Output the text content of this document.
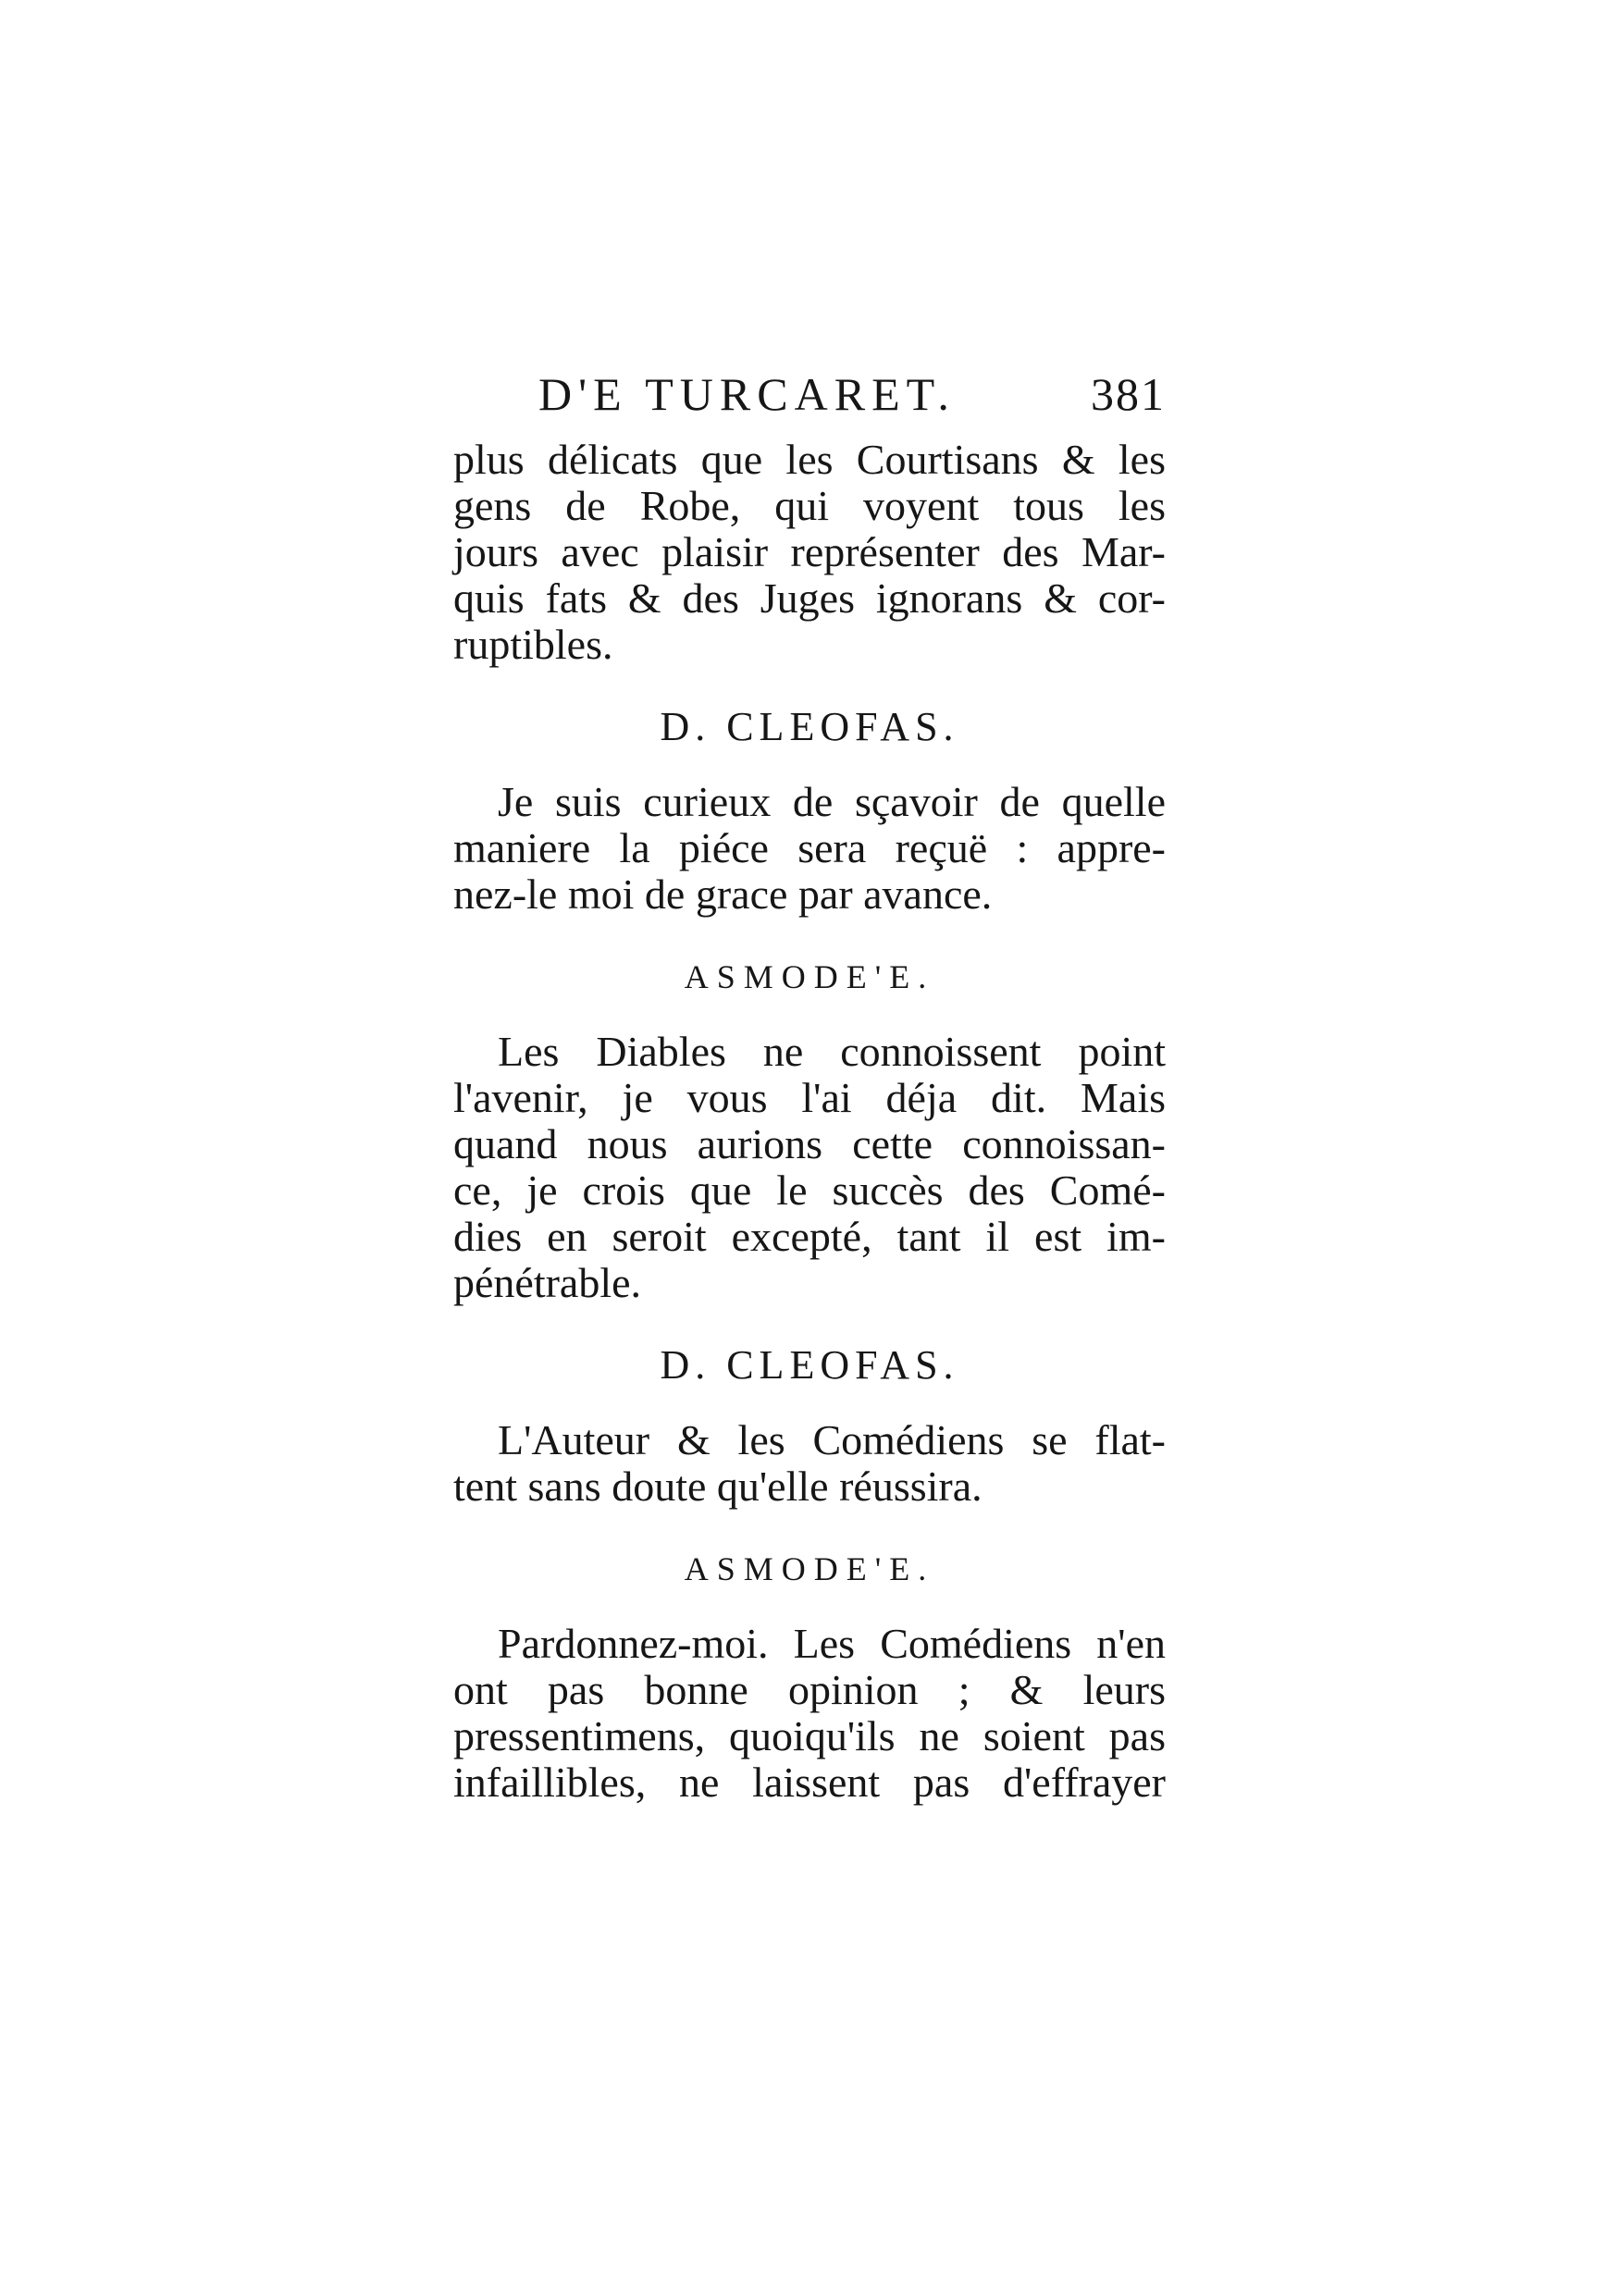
D'E TURCARET.	381

plus délicats que les Courtisans & les
gens de Robe, qui voyent tous les
jours avec plaisir représenter des Mar-
quis fats & des Juges ignorans & cor-
ruptibles.

D. CLEOFAS.

Je suis curieux de sçavoir de quelle
maniere la piéce sera reçuë : appre-
nez-le moi de grace par avance.

ASMODE'E.

Les Diables ne connoissent point
l'avenir, je vous l'ai déja dit. Mais
quand nous aurions cette connoissan-
ce, je crois que le succès des Comé-
dies en seroit excepté, tant il est im-
pénétrable.

D. CLEOFAS.

L'Auteur & les Comédiens se flat-
tent sans doute qu'elle réussira.

ASMODE'E.

Pardonnez-moi. Les Comédiens n'en
ont pas bonne opinion ; & leurs
pressentimens, quoiqu'ils ne soient pas
infaillibles, ne laissent pas d'effrayer
